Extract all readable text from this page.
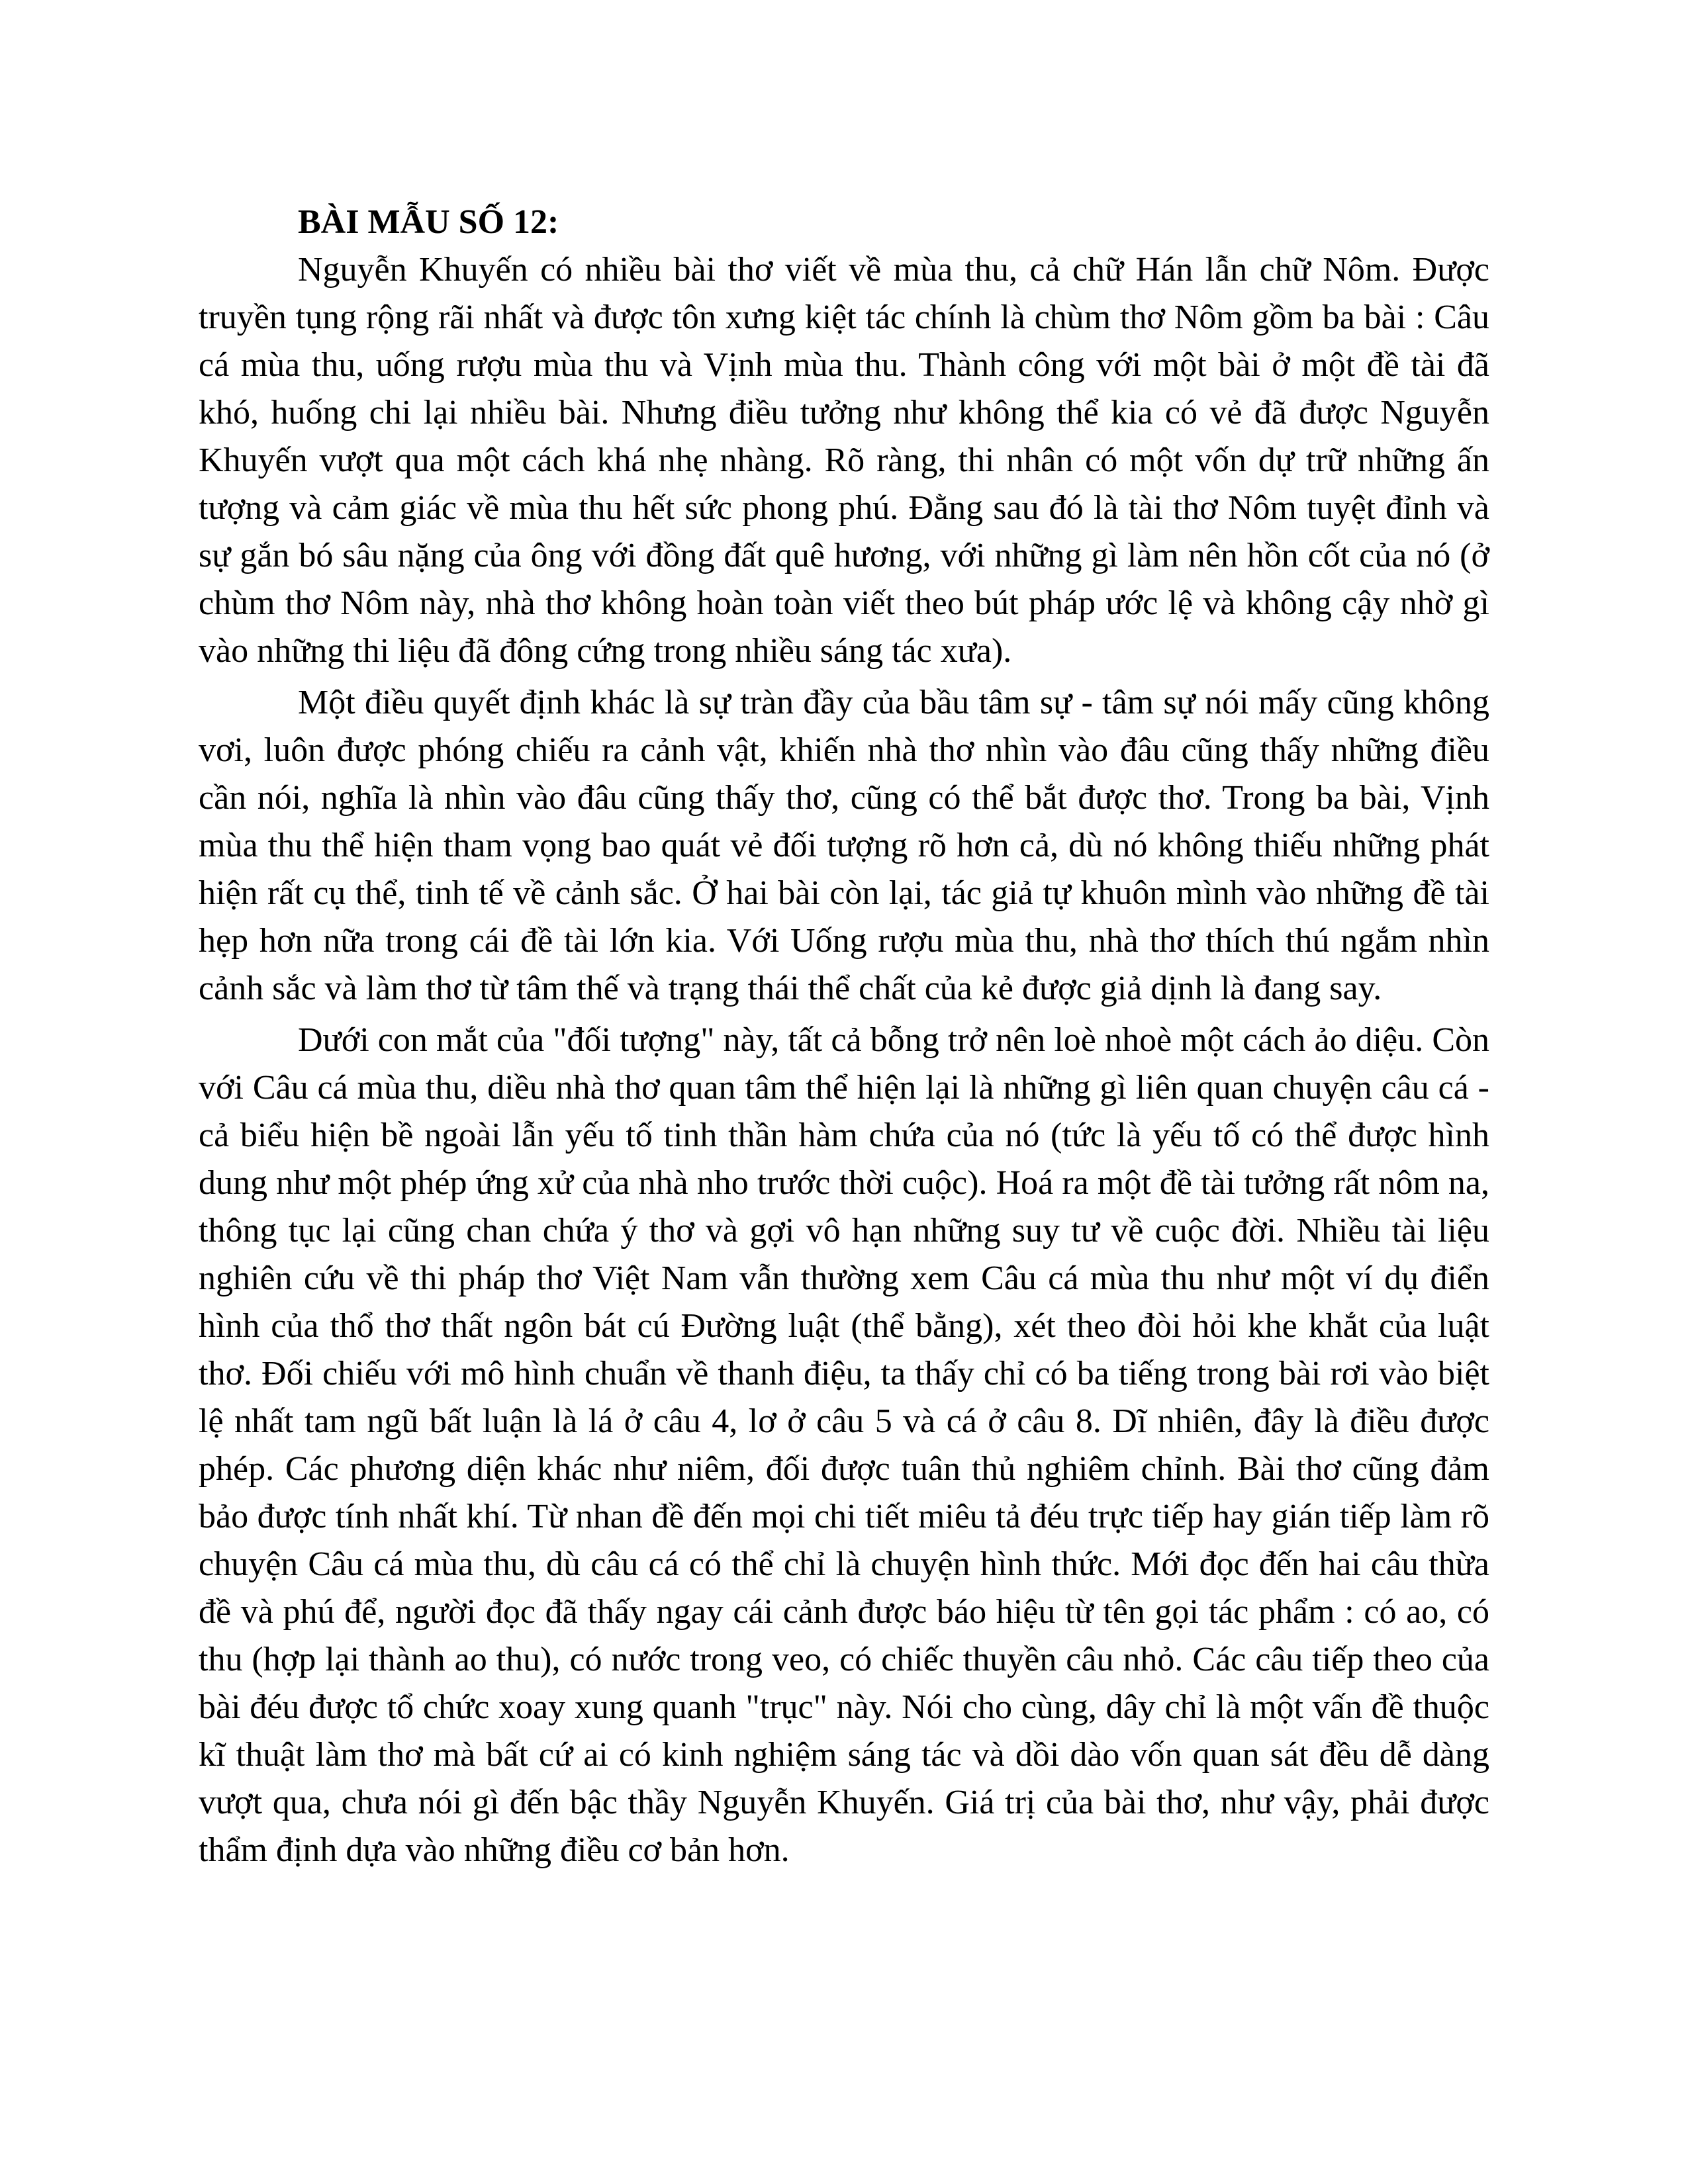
BÀI MẪU SỐ 12:

Nguyễn Khuyến có nhiều bài thơ viết về mùa thu, cả chữ Hán lẫn chữ Nôm. Được truyền tụng rộng rãi nhất và được tôn xưng kiệt tác chính là chùm thơ Nôm gồm ba bài : Câu cá mùa thu, uống rượu mùa thu và Vịnh mùa thu. Thành công với một bài ở một đề tài đã khó, huống chi lại nhiều bài. Nhưng điều tưởng như không thể kia có vẻ đã được Nguyễn Khuyến vượt qua một cách khá nhẹ nhàng. Rõ ràng, thi nhân có một vốn dự trữ những ấn tượng và cảm giác về mùa thu hết sức phong phú. Đằng sau đó là tài thơ Nôm tuyệt đỉnh và sự gắn bó sâu nặng của ông với đồng đất quê hương, với những gì làm nên hồn cốt của nó (ở chùm thơ Nôm này, nhà thơ không hoàn toàn viết theo bút pháp ước lệ và không cậy nhờ gì vào những thi liệu đã đông cứng trong nhiều sáng tác xưa).

Một điều quyết định khác là sự tràn đầy của bầu tâm sự - tâm sự nói mấy cũng không vơi, luôn được phóng chiếu ra cảnh vật, khiến nhà thơ nhìn vào đâu cũng thấy những điều cần nói, nghĩa là nhìn vào đâu cũng thấy thơ, cũng có thể bắt được thơ. Trong ba bài, Vịnh mùa thu thể hiện tham vọng bao quát vẻ đối tượng rõ hơn cả, dù nó không thiếu những phát hiện rất cụ thể, tinh tế về cảnh sắc. Ở hai bài còn lại, tác giả tự khuôn mình vào những đề tài hẹp hơn nữa trong cái đề tài lớn kia. Với Uống rượu mùa thu, nhà thơ thích thú ngắm nhìn cảnh sắc và làm thơ từ tâm thế và trạng thái thể chất của kẻ được giả dịnh là đang say.

Dưới con mắt của "đối tượng" này, tất cả bỗng trở nên loè nhoè một cách ảo diệu. Còn với Câu cá mùa thu, diều nhà thơ quan tâm thể hiện lại là những gì liên quan chuyện câu cá - cả biểu hiện bề ngoài lẫn yếu tố tinh thần hàm chứa của nó (tức là yếu tố có thể được hình dung như một phép ứng xử của nhà nho trước thời cuộc). Hoá ra một đề tài tưởng rất nôm na, thông tục lại cũng chan chứa ý thơ và gợi vô hạn những suy tư về cuộc đời. Nhiều tài liệu nghiên cứu về thi pháp thơ Việt Nam vẫn thường xem Câu cá mùa thu như một ví dụ điển hình của thổ thơ thất ngôn bát cú Đường luật (thể bằng), xét theo đòi hỏi khe khắt của luật thơ. Đối chiếu với mô hình chuẩn về thanh điệu, ta thấy chỉ có ba tiếng trong bài rơi vào biệt lệ nhất tam ngũ bất luận là lá ở câu 4, lơ ở câu 5 và cá ở câu 8. Dĩ nhiên, đây là điều được phép. Các phương diện khác như niêm, đối được tuân thủ nghiêm chỉnh. Bài thơ cũng đảm bảo được tính nhất khí. Từ nhan đề đến mọi chi tiết miêu tả đéu trực tiếp hay gián tiếp làm rõ chuyện Câu cá mùa thu, dù câu cá có thể chỉ là chuyện hình thức. Mới đọc đến hai câu thừa đề và phú để, người đọc đã thấy ngay cái cảnh được báo hiệu từ tên gọi tác phẩm : có ao, có thu (hợp lại thành ao thu), có nước trong veo, có chiếc thuyền câu nhỏ. Các câu tiếp theo của bài đéu được tổ chức xoay xung quanh "trục" này. Nói cho cùng, dây chỉ là một vấn đề thuộc kĩ thuật làm thơ mà bất cứ ai có kinh nghiệm sáng tác và dồi dào vốn quan sát đều dễ dàng vượt qua, chưa nói gì đến bậc thầy Nguyễn Khuyến. Giá trị của bài thơ, như vậy, phải được thẩm định dựa vào những điều cơ bản hơn.
